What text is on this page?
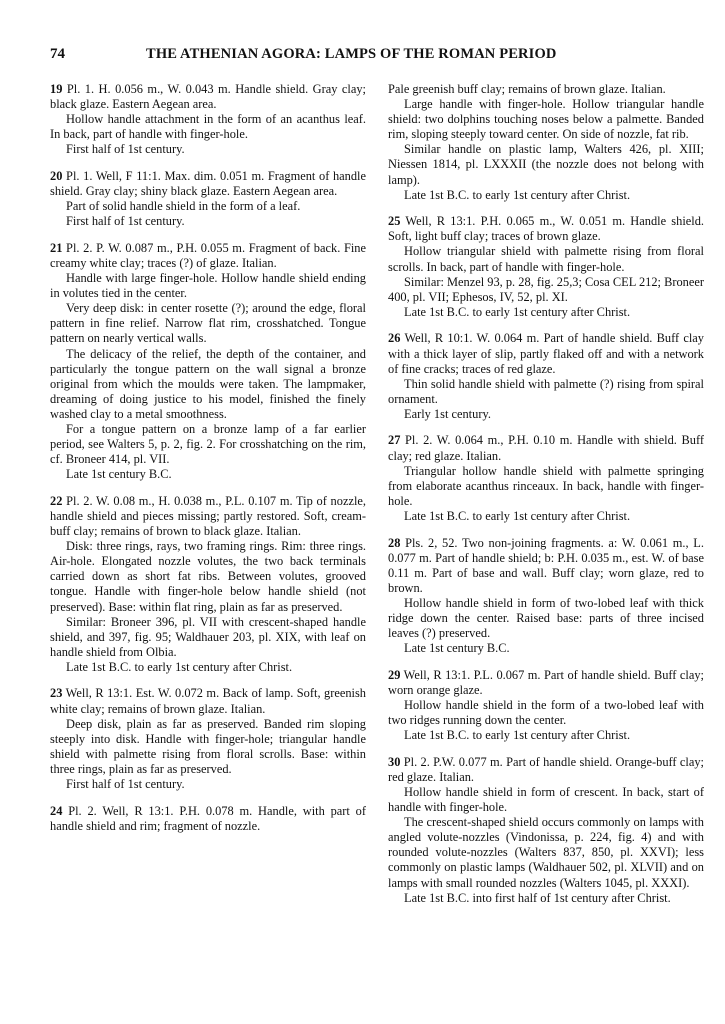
74	THE ATHENIAN AGORA: LAMPS OF THE ROMAN PERIOD

19 Pl. 1. H. 0.056 m., W. 0.043 m. Handle shield. Gray clay; black glaze. Eastern Aegean area.

Hollow handle attachment in the form of an acanthus leaf. In back, part of handle with finger-hole.

First half of 1st century.

20 Pl. 1. Well, F 11:1. Max. dim. 0.051 m. Fragment of handle shield. Gray clay; shiny black glaze. Eastern Aegean area.

Part of solid handle shield in the form of a leaf.

First half of 1st century.

21 Pl. 2. P. W. 0.087 m., P.H. 0.055 m. Fragment of back. Fine creamy white clay; traces (?) of glaze. Italian.

Handle with large finger-hole. Hollow handle shield ending in volutes tied in the center.

Very deep disk: in center rosette (?); around the edge, floral pattern in fine relief. Narrow flat rim, crosshatched. Tongue pattern on nearly vertical walls.

The delicacy of the relief, the depth of the container, and particularly the tongue pattern on the wall signal a bronze original from which the moulds were taken. The lampmaker, dreaming of doing justice to his model, finished the finely washed clay to a metal smoothness.

For a tongue pattern on a bronze lamp of a far earlier period, see Walters 5, p. 2, fig. 2. For crosshatching on the rim, cf. Broneer 414, pl. VII.

Late 1st century B.C.

22 Pl. 2. W. 0.08 m., H. 0.038 m., P.L. 0.107 m. Tip of nozzle, handle shield and pieces missing; partly restored. Soft, cream-buff clay; remains of brown to black glaze. Italian.

Disk: three rings, rays, two framing rings. Rim: three rings. Air-hole. Elongated nozzle volutes, the two back terminals carried down as short fat ribs. Between volutes, grooved tongue. Handle with finger-hole below handle shield (not preserved). Base: within flat ring, plain as far as preserved.

Similar: Broneer 396, pl. VII with crescent-shaped handle shield, and 397, fig. 95; Waldhauer 203, pl. XIX, with leaf on handle shield from Olbia.

Late 1st B.C. to early 1st century after Christ.

23 Well, R 13:1. Est. W. 0.072 m. Back of lamp. Soft, greenish white clay; remains of brown glaze. Italian.

Deep disk, plain as far as preserved. Banded rim sloping steeply into disk. Handle with finger-hole; triangular handle shield with palmette rising from floral scrolls. Base: within three rings, plain as far as preserved.

First half of 1st century.

24 Pl. 2. Well, R 13:1. P.H. 0.078 m. Handle, with part of handle shield and rim; fragment of nozzle.

Pale greenish buff clay; remains of brown glaze. Italian.

Large handle with finger-hole. Hollow triangular handle shield: two dolphins touching noses below a palmette. Banded rim, sloping steeply toward center. On side of nozzle, fat rib.

Similar handle on plastic lamp, Walters 426, pl. XIII; Niessen 1814, pl. LXXXII (the nozzle does not belong with lamp).

Late 1st B.C. to early 1st century after Christ.

25 Well, R 13:1. P.H. 0.065 m., W. 0.051 m. Handle shield. Soft, light buff clay; traces of brown glaze.

Hollow triangular shield with palmette rising from floral scrolls. In back, part of handle with finger-hole.

Similar: Menzel 93, p. 28, fig. 25,3; Cosa CEL 212; Broneer 400, pl. VII; Ephesos, IV, 52, pl. XI.

Late 1st B.C. to early 1st century after Christ.

26 Well, R 10:1. W. 0.064 m. Part of handle shield. Buff clay with a thick layer of slip, partly flaked off and with a network of fine cracks; traces of red glaze.

Thin solid handle shield with palmette (?) rising from spiral ornament.

Early 1st century.

27 Pl. 2. W. 0.064 m., P.H. 0.10 m. Handle with shield. Buff clay; red glaze. Italian.

Triangular hollow handle shield with palmette springing from elaborate acanthus rinceaux. In back, handle with finger-hole.

Late 1st B.C. to early 1st century after Christ.

28 Pls. 2, 52. Two non-joining fragments. a: W. 0.061 m., L. 0.077 m. Part of handle shield; b: P.H. 0.035 m., est. W. of base 0.11 m. Part of base and wall. Buff clay; worn glaze, red to brown.

Hollow handle shield in form of two-lobed leaf with thick ridge down the center. Raised base: parts of three incised leaves (?) preserved.

Late 1st century B.C.

29 Well, R 13:1. P.L. 0.067 m. Part of handle shield. Buff clay; worn orange glaze.

Hollow handle shield in the form of a two-lobed leaf with two ridges running down the center.

Late 1st B.C. to early 1st century after Christ.

30 Pl. 2. P.W. 0.077 m. Part of handle shield. Orange-buff clay; red glaze. Italian.

Hollow handle shield in form of crescent. In back, start of handle with finger-hole.

The crescent-shaped shield occurs commonly on lamps with angled volute-nozzles (Vindonissa, p. 224, fig. 4) and with rounded volute-nozzles (Walters 837, 850, pl. XXVI); less commonly on plastic lamps (Waldhauer 502, pl. XLVII) and on lamps with small rounded nozzles (Walters 1045, pl. XXXI).

Late 1st B.C. into first half of 1st century after Christ.
